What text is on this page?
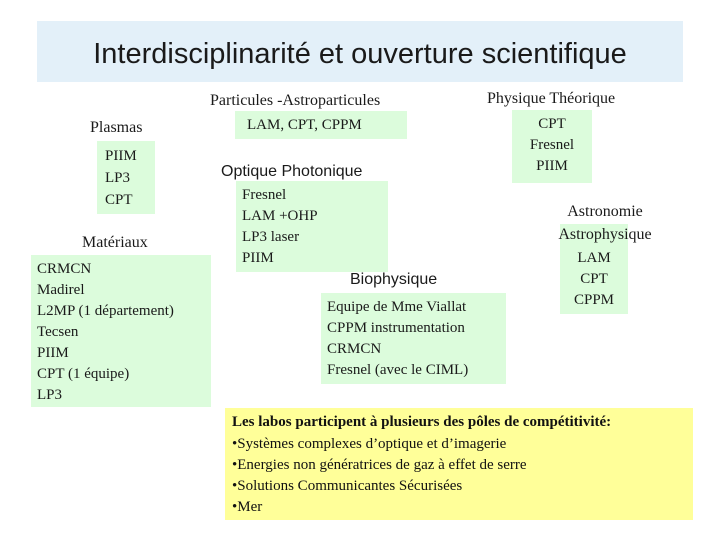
Interdisciplinarité et ouverture scientifique
Particules -Astroparticules
LAM, CPT, CPPM
Physique Théorique
CPT
Fresnel
PIIM
Plasmas
PIIM
LP3
CPT
Optique Photonique
Fresnel
LAM +OHP
LP3 laser
PIIM
Astronomie
LAM
CPT
CPPM
Astrophysique
Matériaux
CRMCN
Madirel
L2MP (1 département)
Tecsen
PIIM
CPT (1 équipe)
LP3
Biophysique
Equipe de Mme Viallat
CPPM instrumentation
CRMCN
Fresnel (avec le CIML)
Les labos participent à plusieurs des pôles de compétitivité:
•Systèmes complexes d’optique et d’imagerie
•Energies non génératrices de gaz à effet de serre
•Solutions Communicantes Sécurisées
•Mer
